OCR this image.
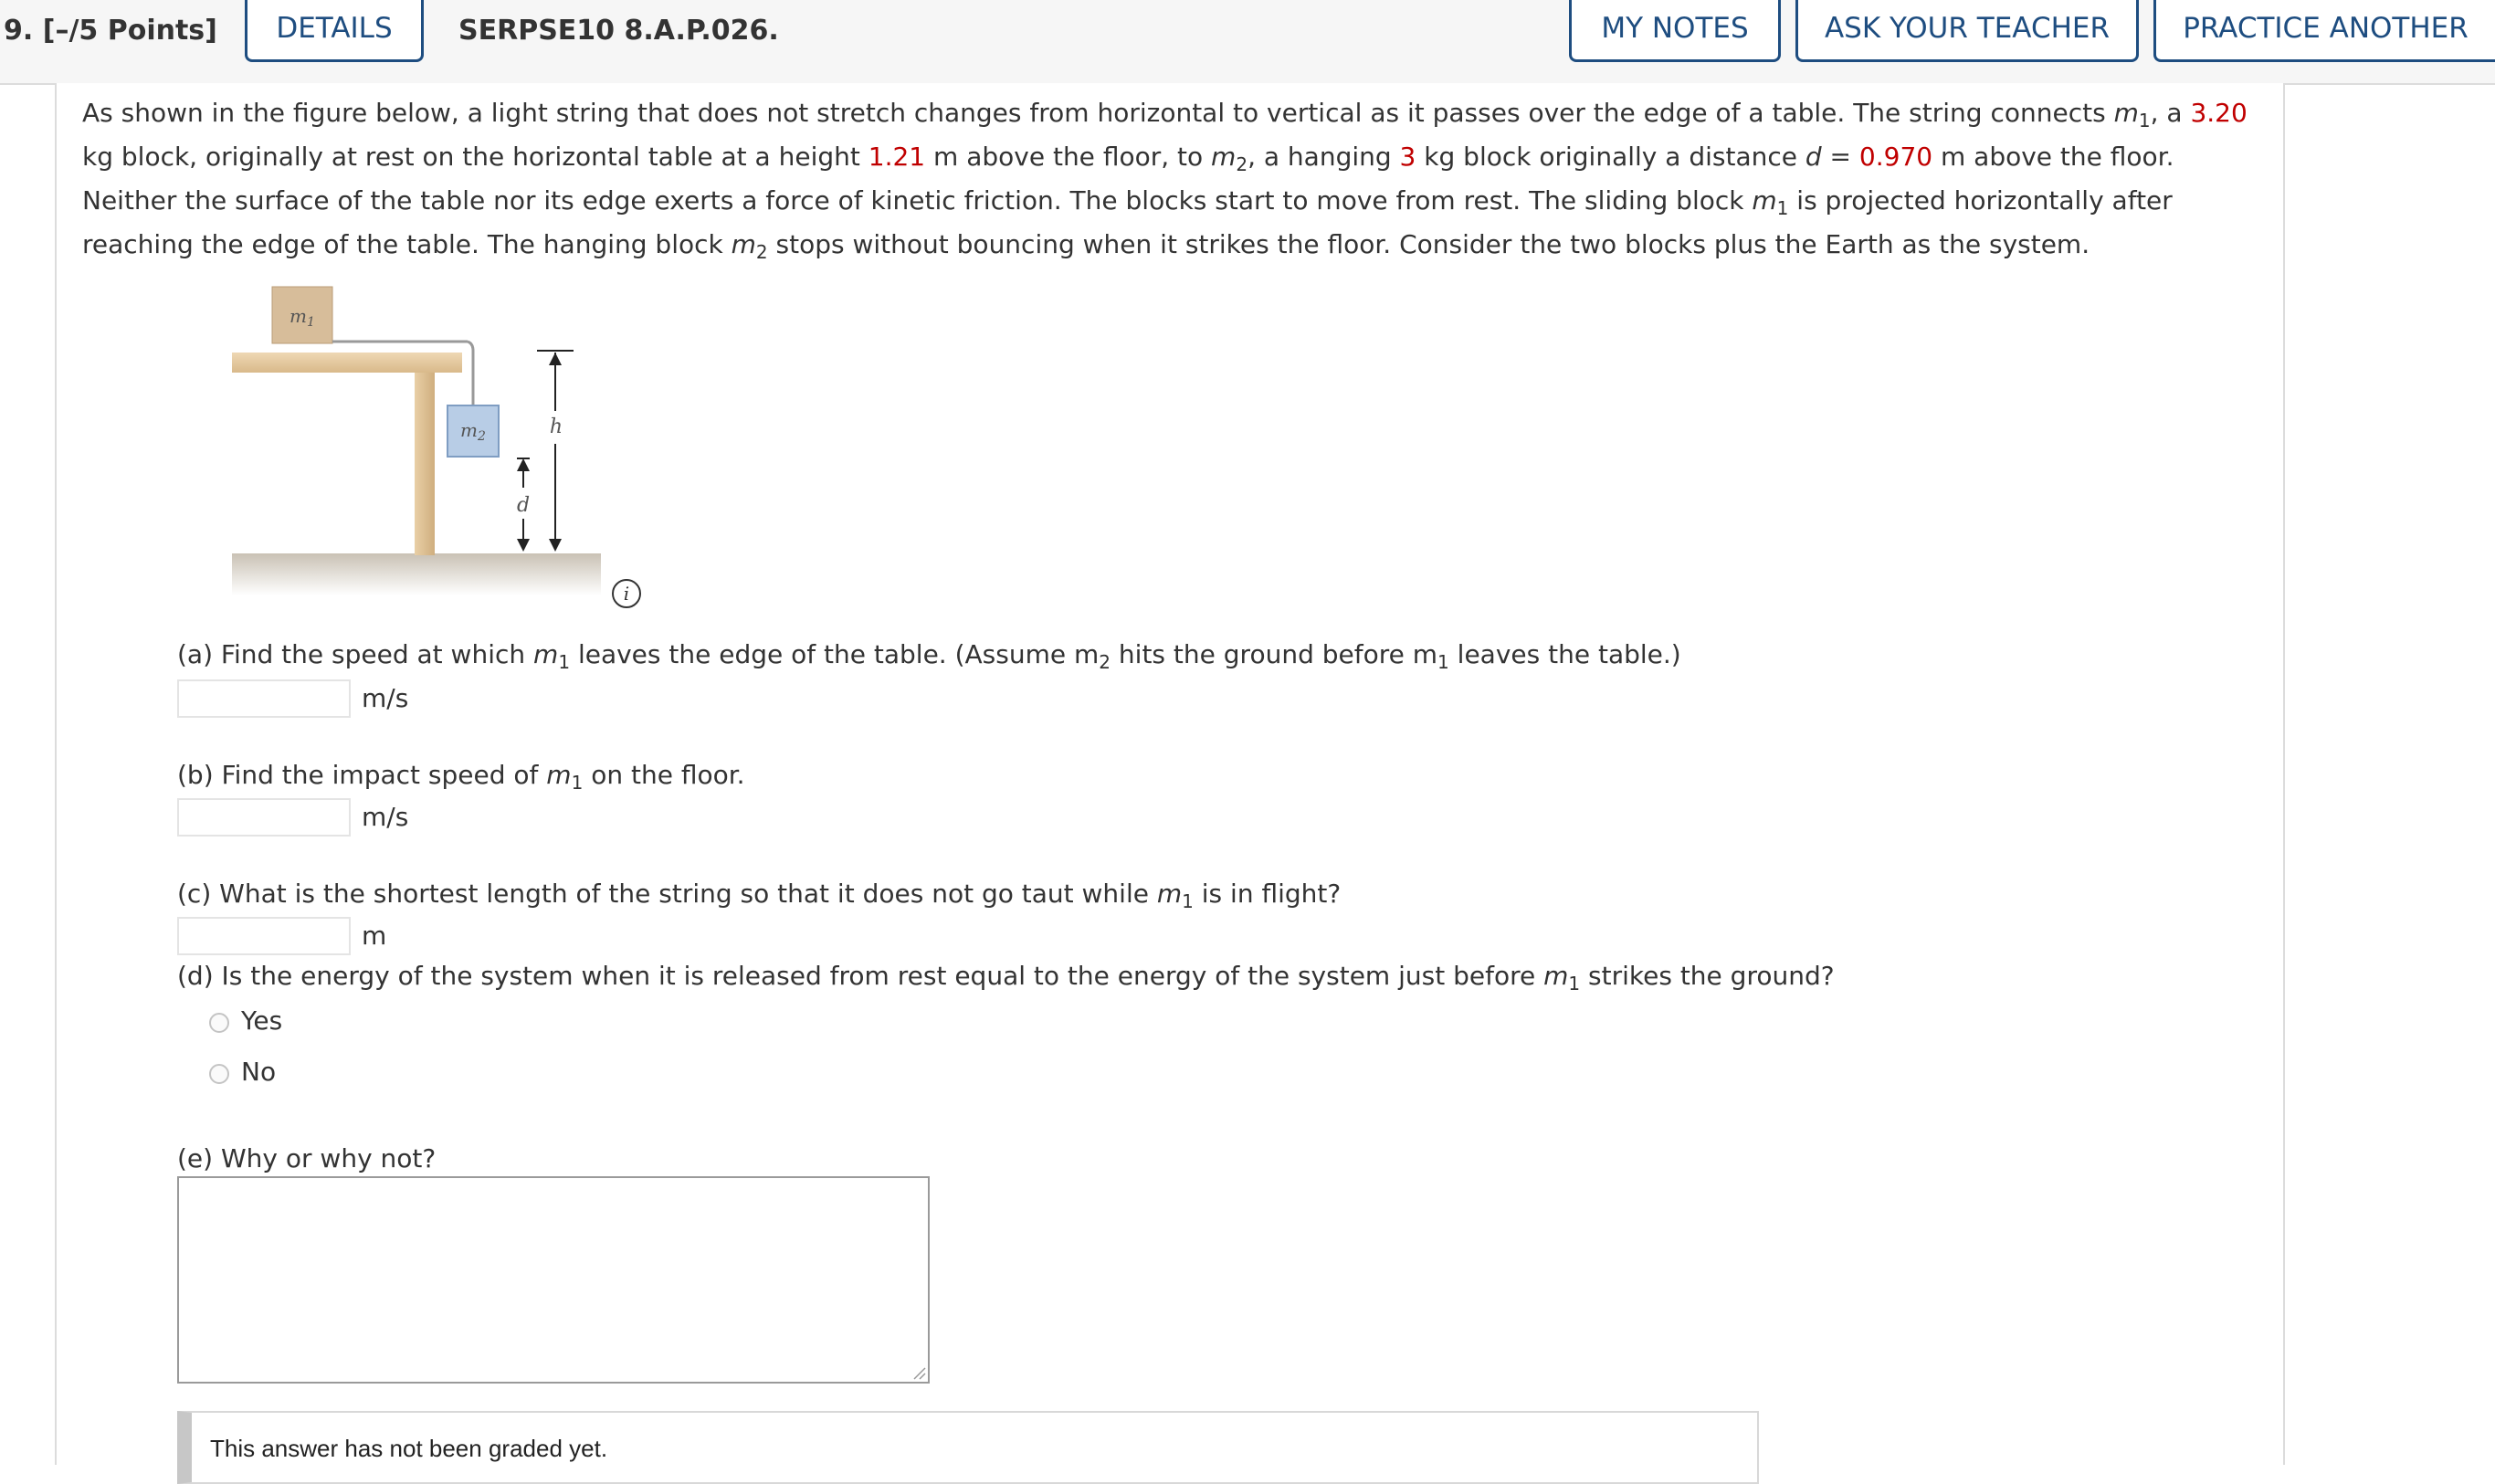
9. [–/5 Points] DETAILS SERPSE10 8.A.P.026.	MY NOTES	ASK YOUR TEACHER	PRACTICE ANOTHER
As shown in the figure below, a light string that does not stretch changes from horizontal to vertical as it passes over the edge of a table. The string connects $m_1$, a 3.20 kg block, originally at rest on the horizontal table at a height 1.21 m above the floor, to $m_2$, a hanging 3 kg block originally a distance d = 0.970 m above the floor. Neither the surface of the table nor its edge exerts a force of kinetic friction. The blocks start to move from rest. The sliding block $m_1$ is projected horizontally after reaching the edge of the table. The hanging block $m_2$ stops without bouncing when it strikes the floor. Consider the two blocks plus the Earth as the system.
$m_1$
$m_2$
d
h
i
(a) Find the speed at which $m_1$ leaves the edge of the table. (Assume $m_2$ hits the ground before $m_1$ leaves the table.)
m/s
(b) Find the impact speed of $m_1$ on the floor.
m/s
(c) What is the shortest length of the string so that it does not go taut while $m_1$ is in flight?
m
(d) Is the energy of the system when it is released from rest equal to the energy of the system just before $m_1$ strikes the ground?
Yes
No
(e) Why or why not?
This answer has not been graded yet.
